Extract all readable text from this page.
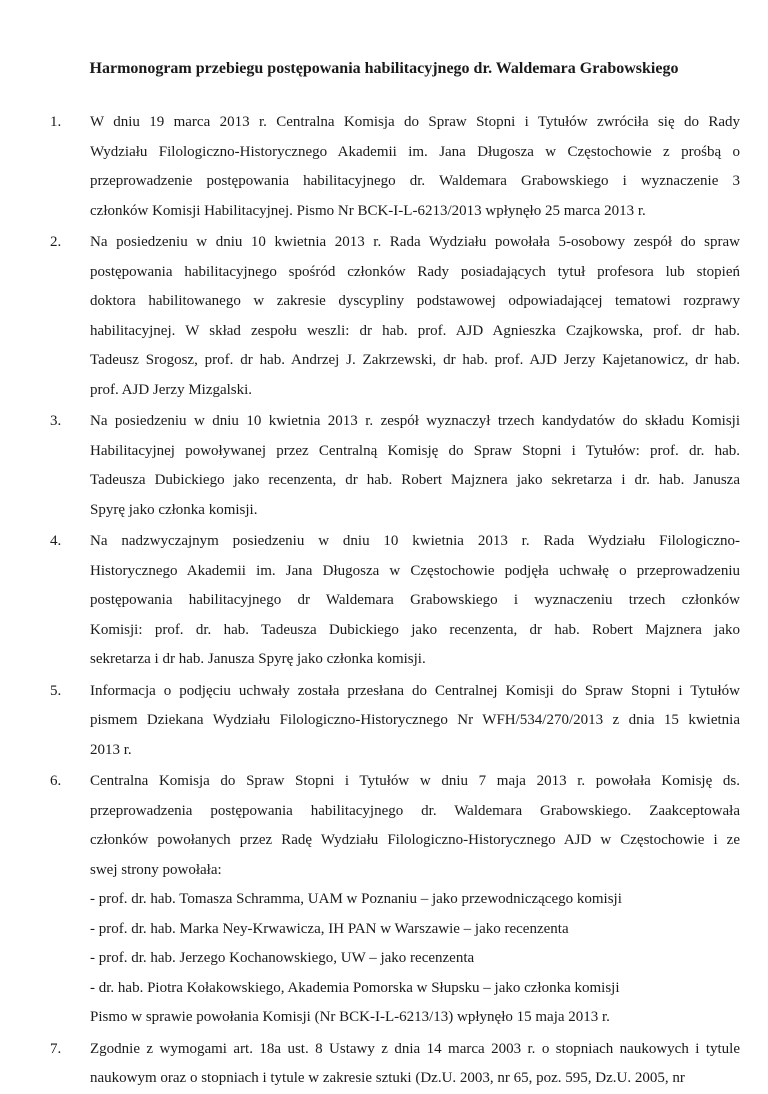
Harmonogram przebiegu postępowania habilitacyjnego dr. Waldemara Grabowskiego
1. W dniu 19 marca 2013 r. Centralna Komisja do Spraw Stopni i Tytułów zwróciła się do Rady
Wydziału Filologiczno-Historycznego Akademii im. Jana Długosza w Częstochowie z prośbą o
przeprowadzenie postępowania habilitacyjnego dr. Waldemara Grabowskiego i wyznaczenie 3
członków Komisji Habilitacyjnej. Pismo Nr BCK-I-L-6213/2013 wpłynęło 25 marca 2013 r.
2. Na posiedzeniu w dniu 10 kwietnia 2013 r. Rada Wydziału powołała 5-osobowy zespół do spraw
postępowania habilitacyjnego spośród członków Rady posiadających tytuł profesora lub stopień
doktora habilitowanego w zakresie dyscypliny podstawowej odpowiadającej tematowi rozprawy
habilitacyjnej. W skład zespołu weszli: dr hab. prof. AJD Agnieszka Czajkowska, prof. dr hab.
Tadeusz Srogosz, prof. dr hab. Andrzej J. Zakrzewski, dr hab. prof. AJD Jerzy Kajetanowicz, dr hab.
prof. AJD Jerzy Mizgalski.
3. Na posiedzeniu w dniu 10 kwietnia 2013 r. zespół wyznaczył trzech kandydatów do składu Komisji
Habilitacyjnej powoływanej przez Centralną Komisję do Spraw Stopni i Tytułów: prof. dr. hab.
Tadeusza Dubickiego jako recenzenta, dr hab. Robert Majznera jako sekretarza i dr. hab. Janusza
Spyrę jako członka komisji.
4. Na nadzwyczajnym posiedzeniu w dniu 10 kwietnia 2013 r. Rada Wydziału Filologiczno-
Historycznego Akademii im. Jana Długosza w Częstochowie podjęła uchwałę o przeprowadzeniu
postępowania habilitacyjnego dr Waldemara Grabowskiego i wyznaczeniu trzech członków
Komisji: prof. dr. hab. Tadeusza Dubickiego jako recenzenta, dr hab. Robert Majznera jako
sekretarza i dr hab. Janusza Spyrę jako członka komisji.
5. Informacja o podjęciu uchwały została przesłana do Centralnej Komisji do Spraw Stopni i Tytułów
pismem Dziekana Wydziału Filologiczno-Historycznego Nr WFH/534/270/2013 z dnia 15 kwietnia
2013 r.
6. Centralna Komisja do Spraw Stopni i Tytułów w dniu 7 maja 2013 r. powołała Komisję ds.
przeprowadzenia postępowania habilitacyjnego dr. Waldemara Grabowskiego. Zaakceptowała
członków powołanych przez Radę Wydziału Filologiczno-Historycznego AJD w Częstochowie i ze
swej strony powołała:
- prof. dr. hab. Tomasza Schramma, UAM w Poznaniu – jako przewodniczącego komisji
- prof. dr. hab. Marka Ney-Krwawicza, IH PAN w Warszawie – jako recenzenta
- prof. dr. hab. Jerzego Kochanowskiego, UW – jako recenzenta
- dr. hab. Piotra Kołakowskiego, Akademia Pomorska w Słupsku – jako członka komisji
Pismo w sprawie powołania Komisji (Nr BCK-I-L-6213/13) wpłynęło 15 maja 2013 r.
7. Zgodnie z wymogami art. 18a ust. 8 Ustawy z dnia 14 marca 2003 r. o stopniach naukowych i tytule
naukowym oraz o stopniach i tytule w zakresie sztuki (Dz.U. 2003, nr 65, poz. 595, Dz.U. 2005, nr
